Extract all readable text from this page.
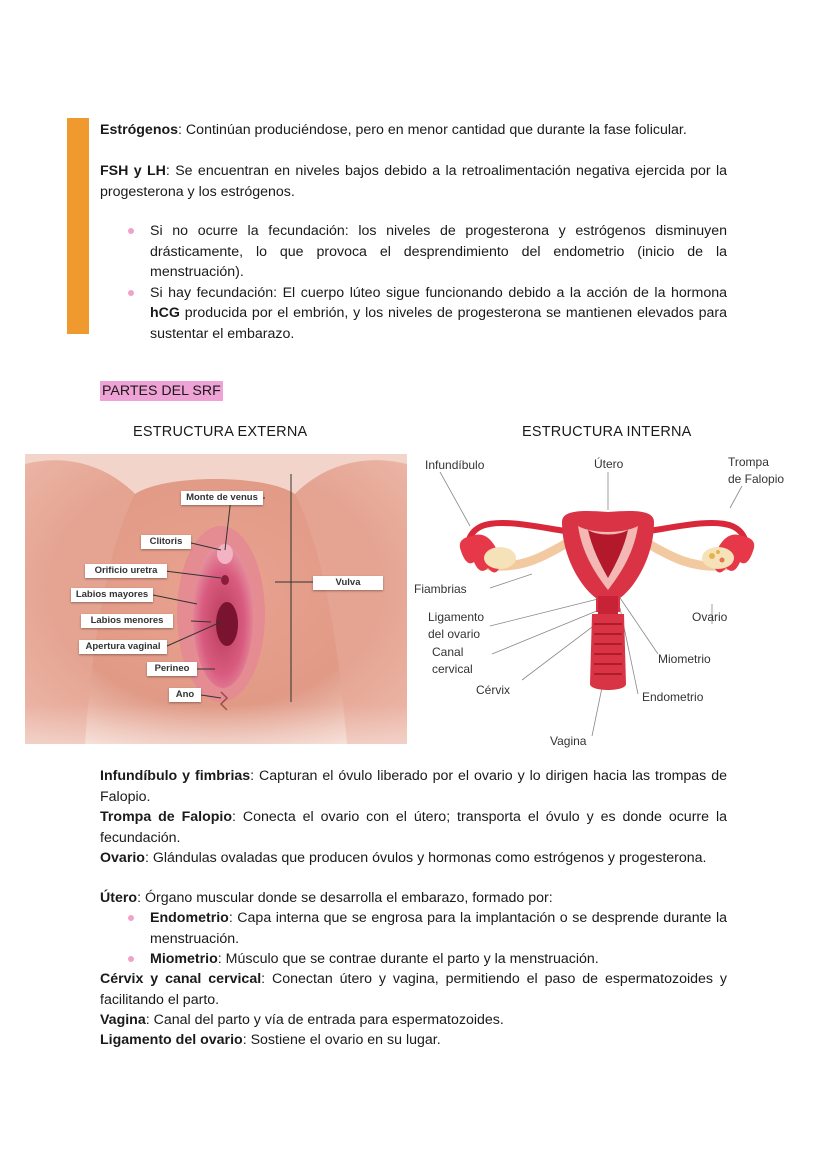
Estrógenos: Continúan produciéndose, pero en menor cantidad que durante la fase folicular.

FSH y LH: Se encuentran en niveles bajos debido a la retroalimentación negativa ejercida por la progesterona y los estrógenos.

Si no ocurre la fecundación: los niveles de progesterona y estrógenos disminuyen drásticamente, lo que provoca el desprendimiento del endometrio (inicio de la menstruación).
Si hay fecundación: El cuerpo lúteo sigue funcionando debido a la acción de la hormona hCG producida por el embrión, y los niveles de progesterona se mantienen elevados para sustentar el embarazo.
PARTES DEL SRF
ESTRUCTURA EXTERNA	ESTRUCTURA INTERNA
Monte de venus
Clitoris
Orificio uretra
Labios mayores
Labios menores
Apertura vaginal
Perineo
Ano
Vulva
Infundíbulo	Útero	Trompa
de Falopio
Fiambrias
Ligamento
del ovario
Canal
cervical
Cérvix
Ovario
Miometrio
Endometrio
Vagina

Infundíbulo y fimbrias: Capturan el óvulo liberado por el ovario y lo dirigen hacia las trompas de Falopio.

Trompa de Falopio: Conecta el ovario con el útero; transporta el óvulo y es donde ocurre la fecundación.

Ovario: Glándulas ovaladas que producen óvulos y hormonas como estrógenos y progesterona.

Útero: Órgano muscular donde se desarrolla el embarazo, formado por:

Endometrio: Capa interna que se engrosa para la implantación o se desprende durante la menstruación.
Miometrio: Músculo que se contrae durante el parto y la menstruación.

Cérvix y canal cervical: Conectan útero y vagina, permitiendo el paso de espermatozoides y facilitando el parto.

Vagina: Canal del parto y vía de entrada para espermatozoides.

Ligamento del ovario: Sostiene el ovario en su lugar.
